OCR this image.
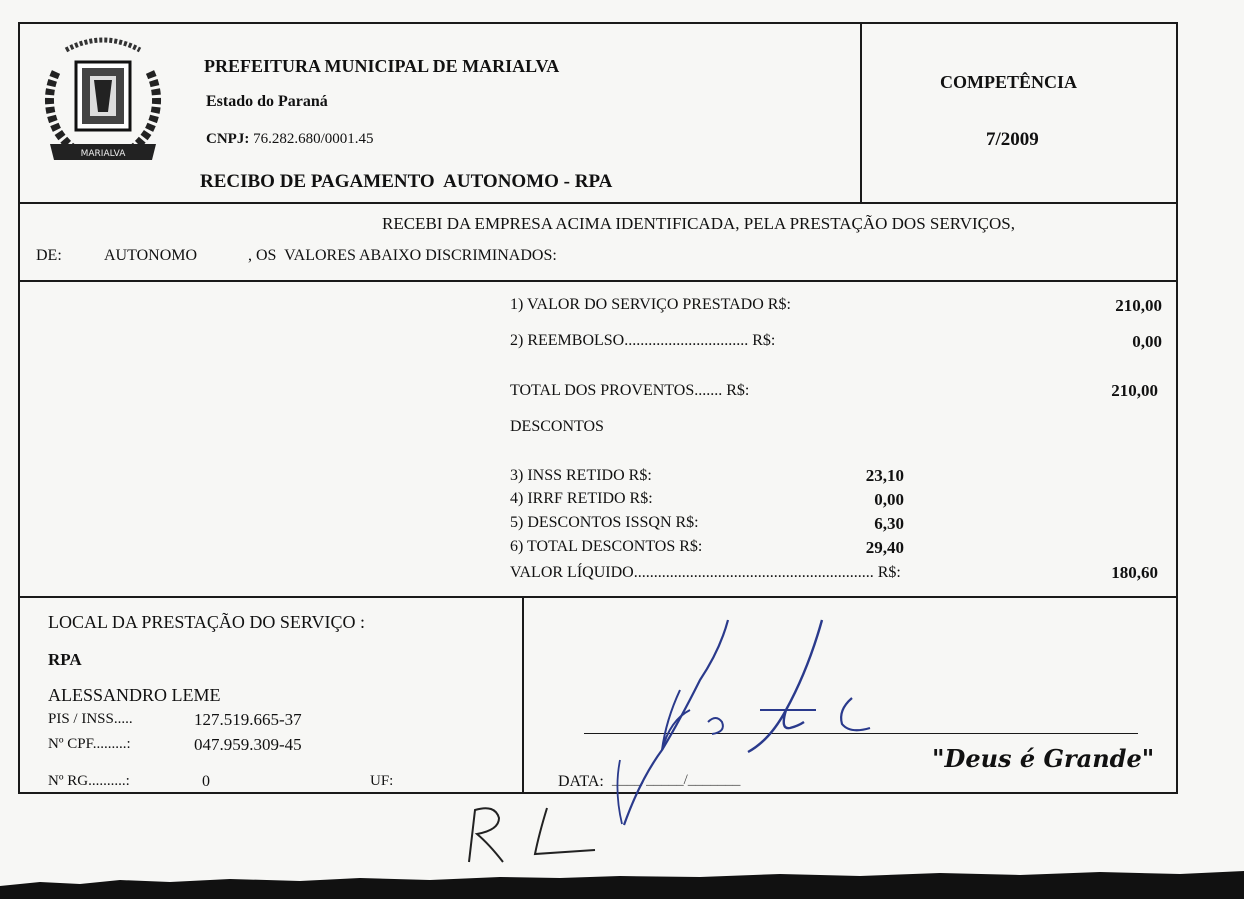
MARIALVA
PREFEITURA MUNICIPAL DE MARIALVA
Estado do Paraná
CNPJ: 76.282.680/0001.45
RECIBO DE PAGAMENTO  AUTONOMO - RPA
COMPETÊNCIA
7/2009
RECEBI DA EMPRESA ACIMA IDENTIFICADA, PELA PRESTAÇÃO DOS SERVIÇOS,
DE:	AUTONOMO	, OS  VALORES ABAIXO DISCRIMINADOS:
1) VALOR DO SERVIÇO PRESTADO R$:	210,00
2) REEMBOLSO............................... R$:	0,00
TOTAL DOS PROVENTOS....... R$:	210,00
DESCONTOS
3) INSS RETIDO R$:	23,10
4) IRRF RETIDO R$:	0,00
5) DESCONTOS ISSQN R$:	6,30
6) TOTAL DESCONTOS R$:	29,40
VALOR LÍQUIDO............................................................ R$:	180,60
LOCAL DA PRESTAÇÃO DO SERVIÇO :
RPA
ALESSANDRO LEME
PIS / INSS.....	127.519.665-37
Nº CPF.........:	047.959.309-45
Nº RG..........:	0	UF:	DATA: ____/_____/_______
"Deus é Grande"
RL
